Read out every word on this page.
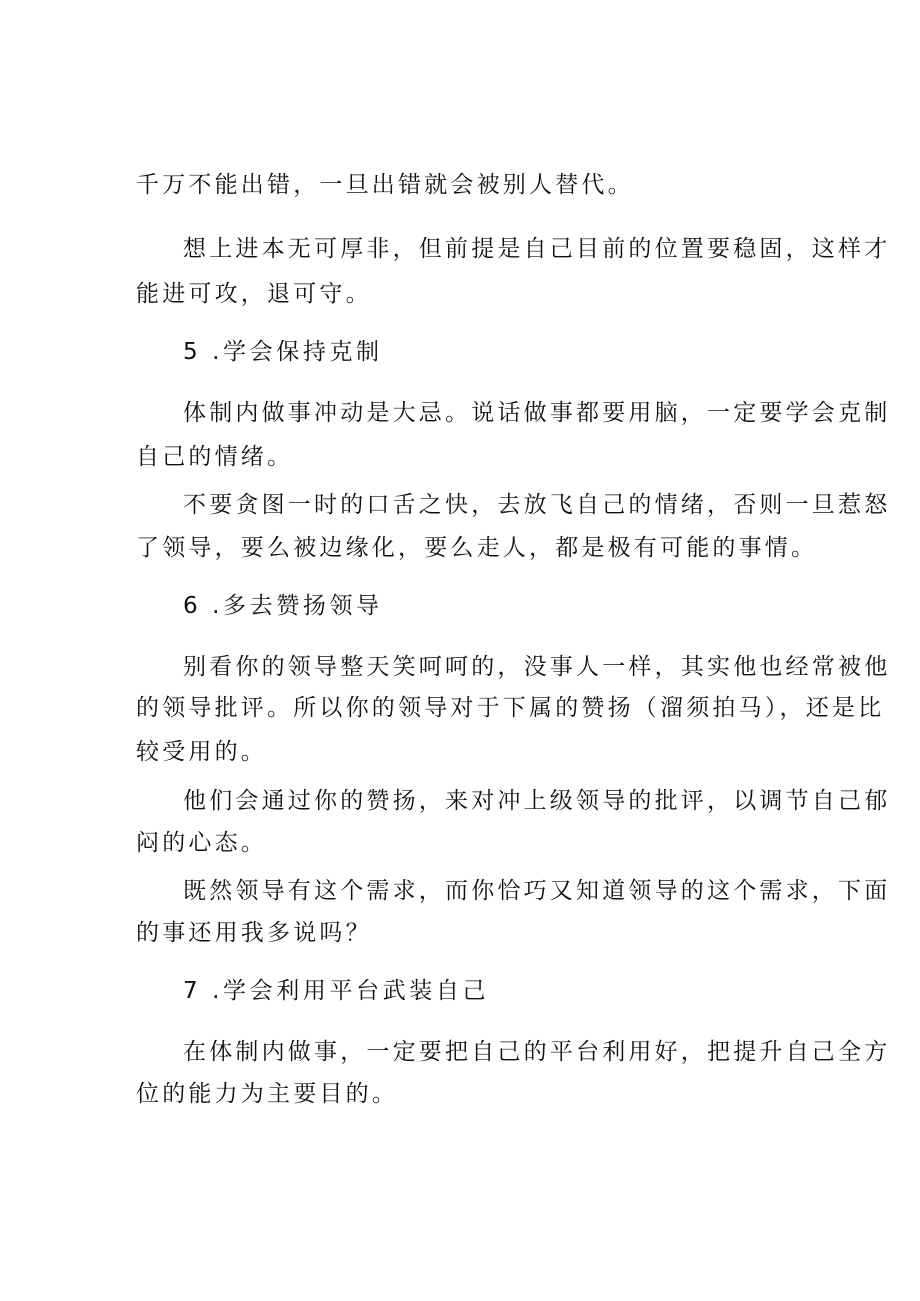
千万不能出错，一旦出错就会被别人替代。
想上进本无可厚非，但前提是自己目前的位置要稳固，这样才
能进可攻，退可守。
5 .学会保持克制
体制内做事冲动是大忌。说话做事都要用脑，一定要学会克制
自己的情绪。
不要贪图一时的口舌之快，去放飞自己的情绪，否则一旦惹怒
了领导，要么被边缘化，要么走人，都是极有可能的事情。
6 .多去赞扬领导
别看你的领导整天笑呵呵的，没事人一样，其实他也经常被他
的领导批评。所以你的领导对于下属的赞扬（溜须拍马），还是比
较受用的。
他们会通过你的赞扬，来对冲上级领导的批评，以调节自己郁
闷的心态。
既然领导有这个需求，而你恰巧又知道领导的这个需求，下面
的事还用我多说吗？
7 .学会利用平台武装自己
在体制内做事，一定要把自己的平台利用好，把提升自己全方
位的能力为主要目的。
